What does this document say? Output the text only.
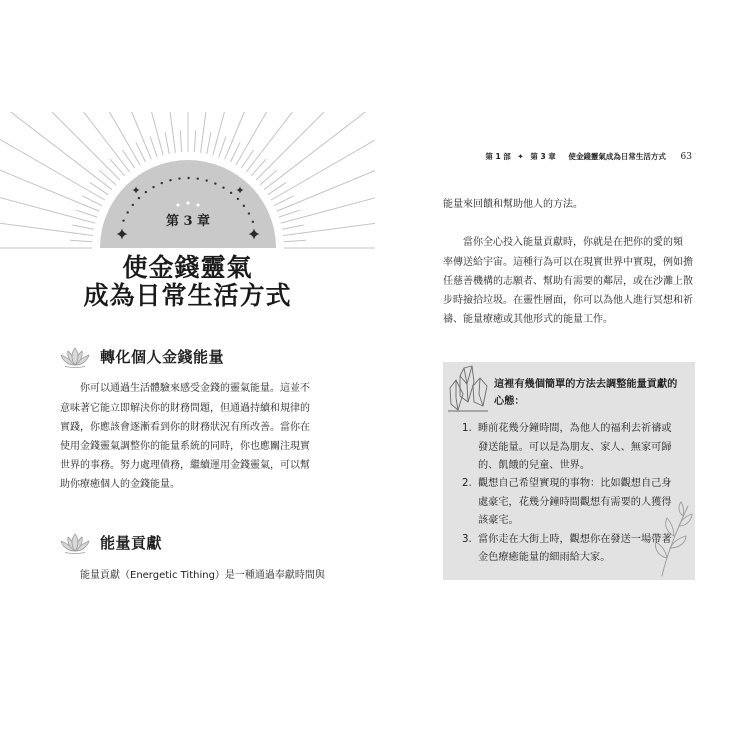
第 3 章
使金錢靈氣
成為日常生活方式
轉化個人金錢能量
你可以通過生活體驗來感受金錢的靈氣能量。這並不
意味著它能立即解決你的財務問題，但通過持續和規律的
實踐，你應該會逐漸看到你的財務狀況有所改善。當你在
使用金錢靈氣調整你的能量系統的同時，你也應關注現實
世界的事務。努力處理債務，繼續運用金錢靈氣，可以幫
助你療癒個人的金錢能量。
能量貢獻
能量貢獻（Energetic Tithing）是一種通過奉獻時間與
第 1 部 ✦ 第 3 章 使金錢靈氣成為日常生活方式 63
能量來回饋和幫助他人的方法。
當你全心投入能量貢獻時，你就是在把你的愛的頻
率傳送給宇宙。這種行為可以在現實世界中實現，例如擔
任慈善機構的志願者、幫助有需要的鄰居，或在沙灘上散
步時撿拾垃圾。在靈性層面，你可以為他人進行冥想和祈
禱、能量療癒或其他形式的能量工作。
這裡有幾個簡單的方法去調整能量貢獻的
心態：
1. 睡前花幾分鐘時間，為他人的福利去祈禱或
發送能量。可以是為朋友、家人、無家可歸
的、飢餓的兒童、世界。
2. 觀想自己希望實現的事物：比如觀想自己身
處豪宅，花幾分鐘時間觀想有需要的人獲得
該豪宅。
3. 當你走在大街上時，觀想你在發送一場帶著
金色療癒能量的細雨給大家。
